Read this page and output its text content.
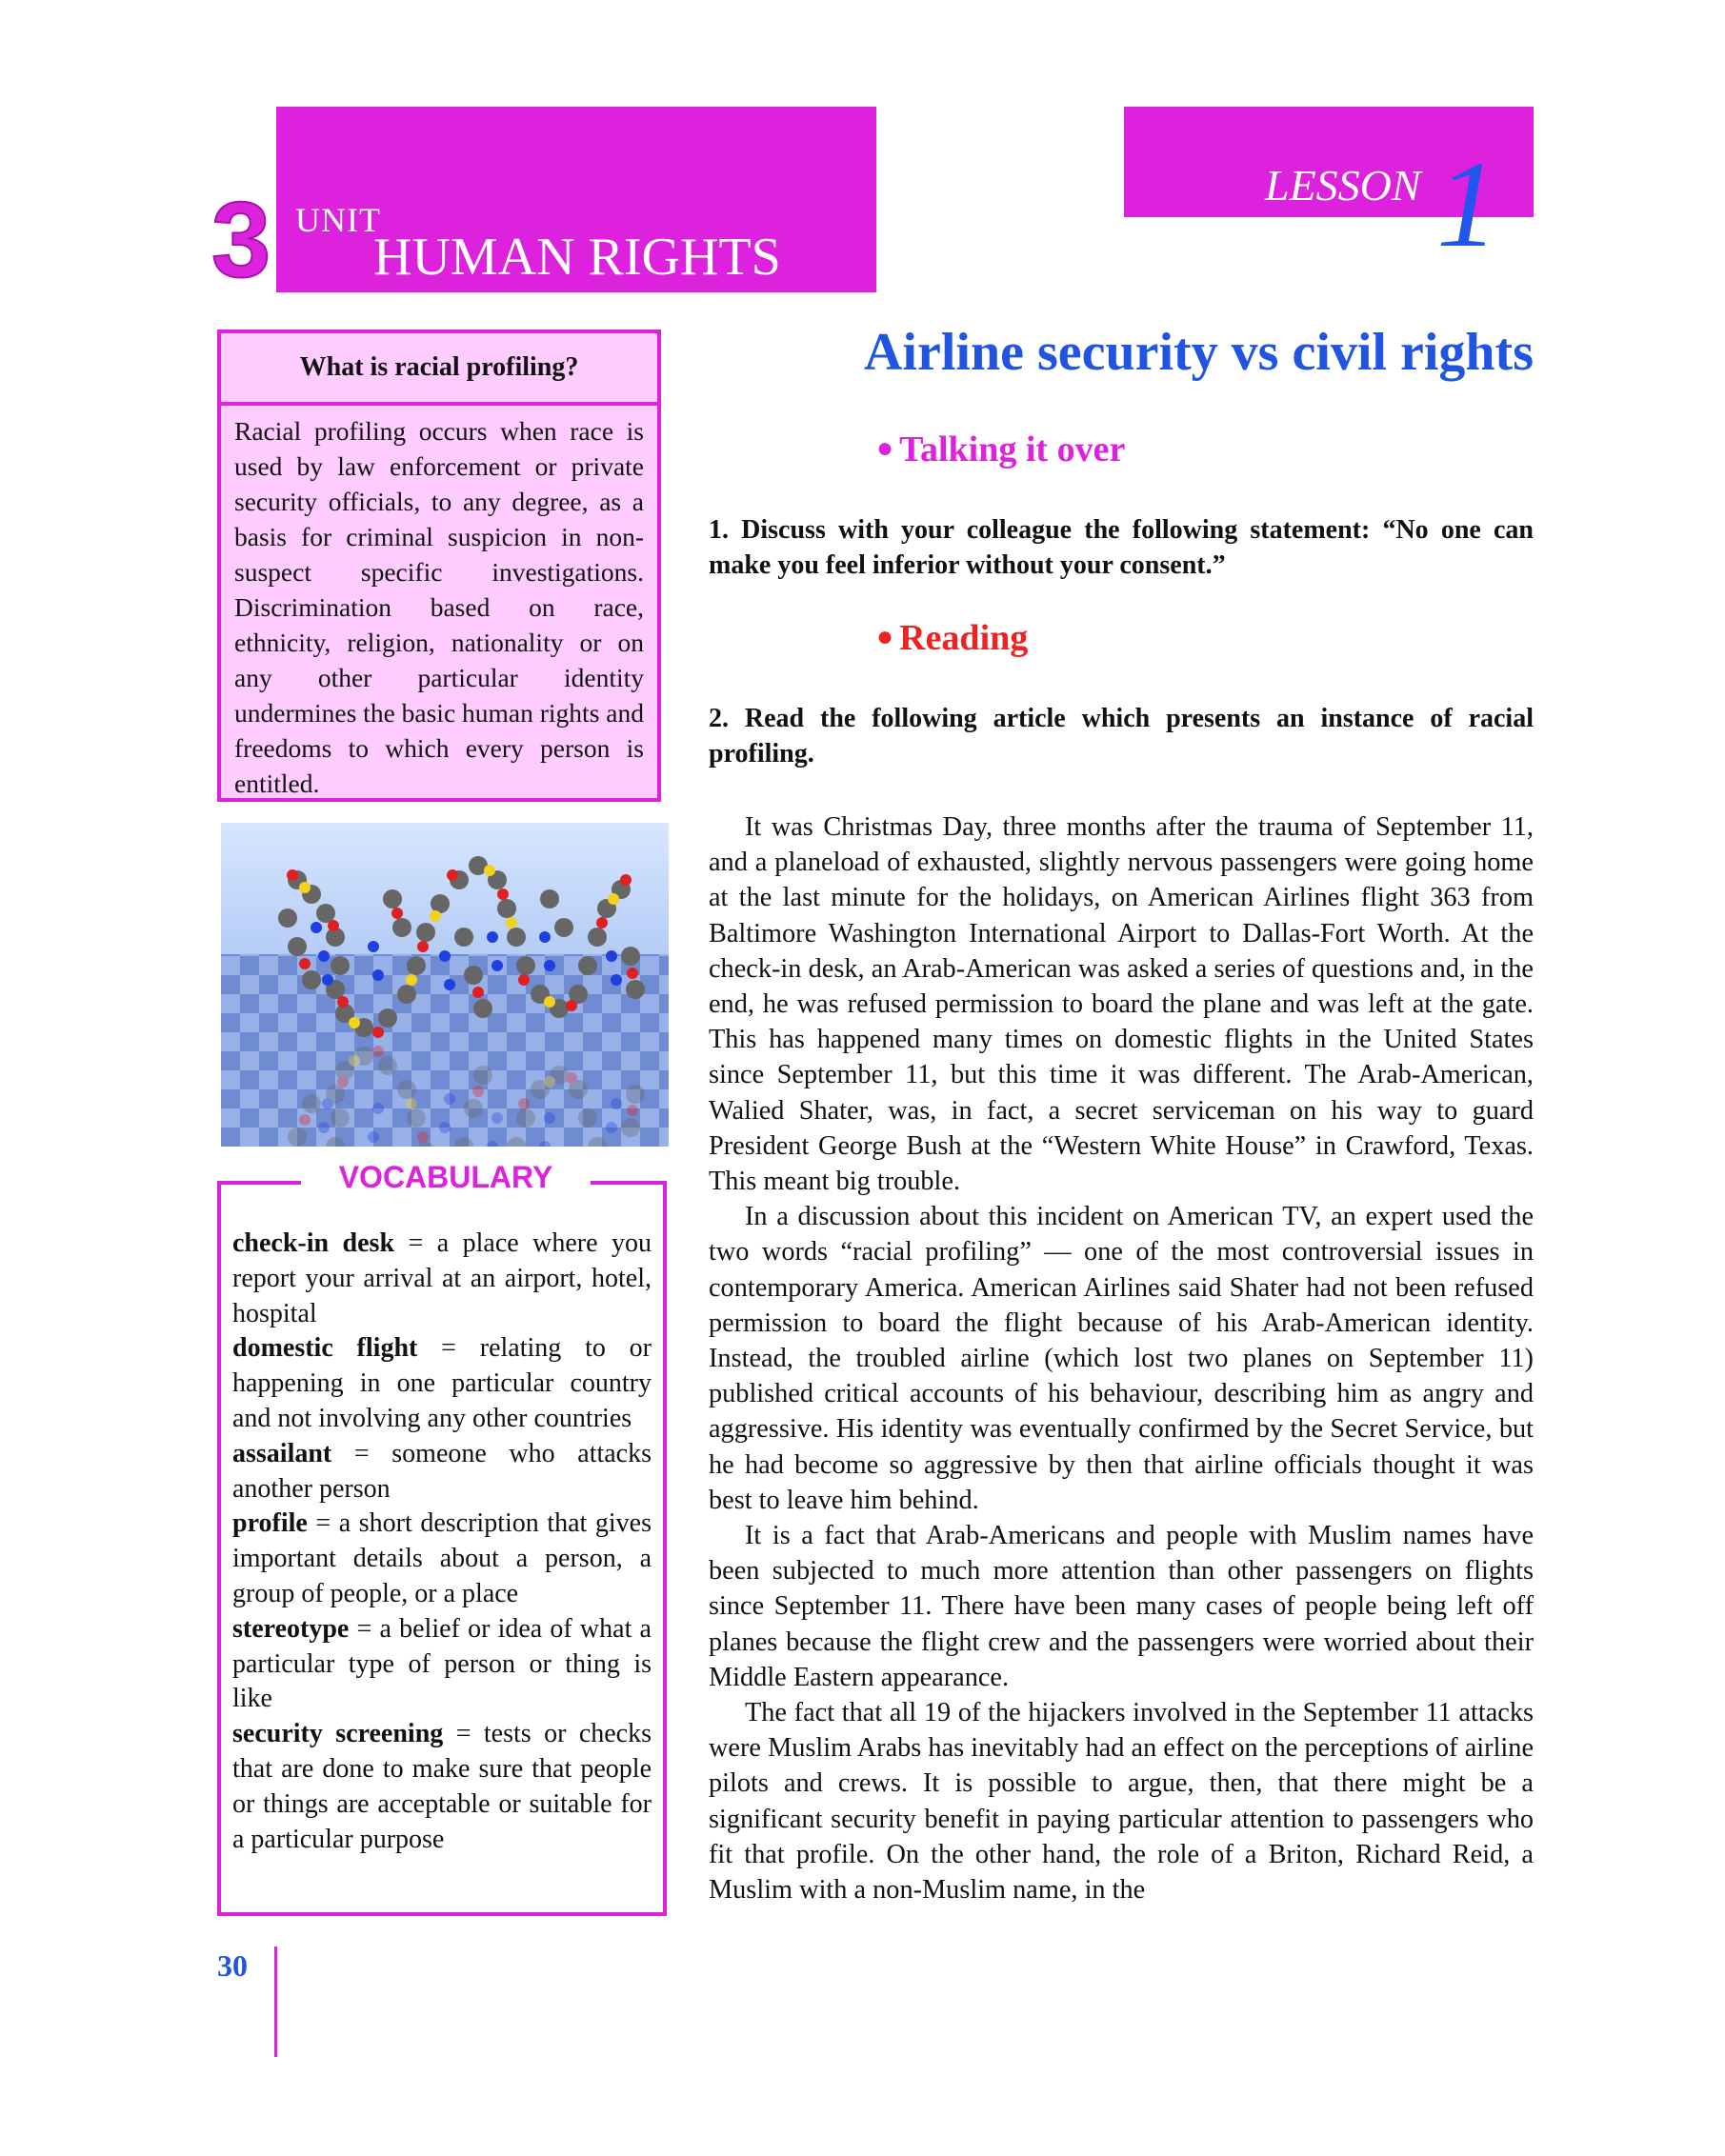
3 UNIT
HUMAN RIGHTS
LESSON 1
What is racial profiling?
Racial profiling occurs when race is used by law enforcement or private security officials, to any degree, as a basis for criminal suspicion in non-suspect specific investigations. Discrimination based on race, ethnicity, religion, nationality or on any other particular identity undermines the basic human rights and freedoms to which every person is entitled.
VOCABULARY
check-in desk = a place where you report your arrival at an airport, hotel, hospital
domestic flight = relating to or happening in one particular country and not involving any other countries
assailant = someone who attacks another person
profile = a short description that gives important details about a person, a group of people, or a place
stereotype = a belief or idea of what a particular type of person or thing is like
security screening = tests or checks that are done to make sure that people or things are acceptable or suitable for a particular purpose
Airline security vs civil rights
● Talking it over
1. Discuss with your colleague the following statement: “No one can make you feel inferior without your consent.”
● Reading
2. Read the following article which presents an instance of racial profiling.

It was Christmas Day, three months after the trauma of September 11, and a planeload of exhausted, slightly nervous passengers were going home at the last minute for the holidays, on American Airlines flight 363 from Baltimore Washington International Airport to Dallas-Fort Worth. At the check-in desk, an Arab-American was asked a series of questions and, in the end, he was refused permission to board the plane and was left at the gate. This has happened many times on domestic flights in the United States since September 11, but this time it was different. The Arab-American, Walied Shater, was, in fact, a secret serviceman on his way to guard President George Bush at the “Western White House” in Crawford, Texas. This meant big trouble.

In a discussion about this incident on American TV, an expert used the two words “racial profiling” — one of the most controversial issues in contemporary America. American Airlines said Shater had not been refused permission to board the flight because of his Arab-American identity. Instead, the troubled airline (which lost two planes on September 11) published critical accounts of his behaviour, describing him as angry and aggressive. His identity was eventually confirmed by the Secret Service, but he had become so aggressive by then that airline officials thought it was best to leave him behind.

It is a fact that Arab-Americans and people with Muslim names have been subjected to much more attention than other passengers on flights since September 11. There have been many cases of people being left off planes because the flight crew and the passengers were worried about their Middle Eastern appearance.

The fact that all 19 of the hijackers involved in the September 11 attacks were Muslim Arabs has inevitably had an effect on the perceptions of airline pilots and crews. It is possible to argue, then, that there might be a significant security benefit in paying particular attention to passengers who fit that profile. On the other hand, the role of a Briton, Richard Reid, a Muslim with a non-Muslim name, in the

30
